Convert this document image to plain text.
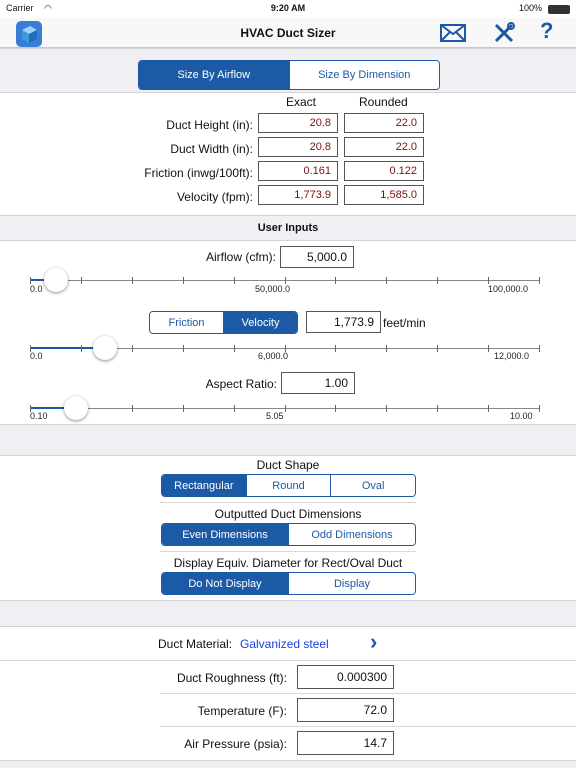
Carrier ◠	9:20 AM	100%
HVAC Duct Sizer	?
Size By Airflow	Size By Dimension
Exact	Rounded
Duct Height (in):	20.8	22.0
Duct Width (in):	20.8	22.0
Friction (inwg/100ft):	0.161	0.122
Velocity (fpm):	1,773.9	1,585.0
User Inputs
Airflow (cfm):	5,000.0
0.0	50,000.0	100,000.0
Friction	Velocity	1,773.9 feet/min
0.0	6,000.0	12,000.0
Aspect Ratio:	1.00
0.10	5.05	10.00
Duct Shape
Rectangular	Round	Oval
Outputted Duct Dimensions
Even Dimensions	Odd Dimensions
Display Equiv. Diameter for Rect/Oval Duct
Do Not Display	Display
Duct Material: Galvanized steel ›
Duct Roughness (ft):	0.000300
Temperature (F):	72.0
Air Pressure (psia):	14.7
